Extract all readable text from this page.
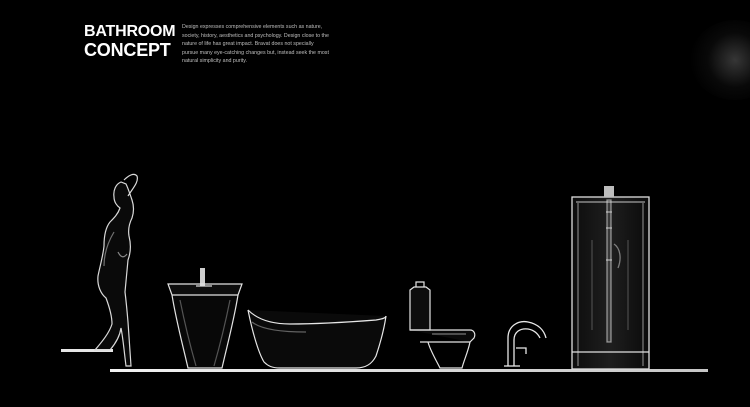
BATHROOM
CONCEPT
Design expresses comprehensive elements such as nature, society, history, aesthetics and psychology. Design close to the nature of life has great impact. Bravat does not specially pursue many eye-catching changes but, instead seek the most natural simplicity and purity.
